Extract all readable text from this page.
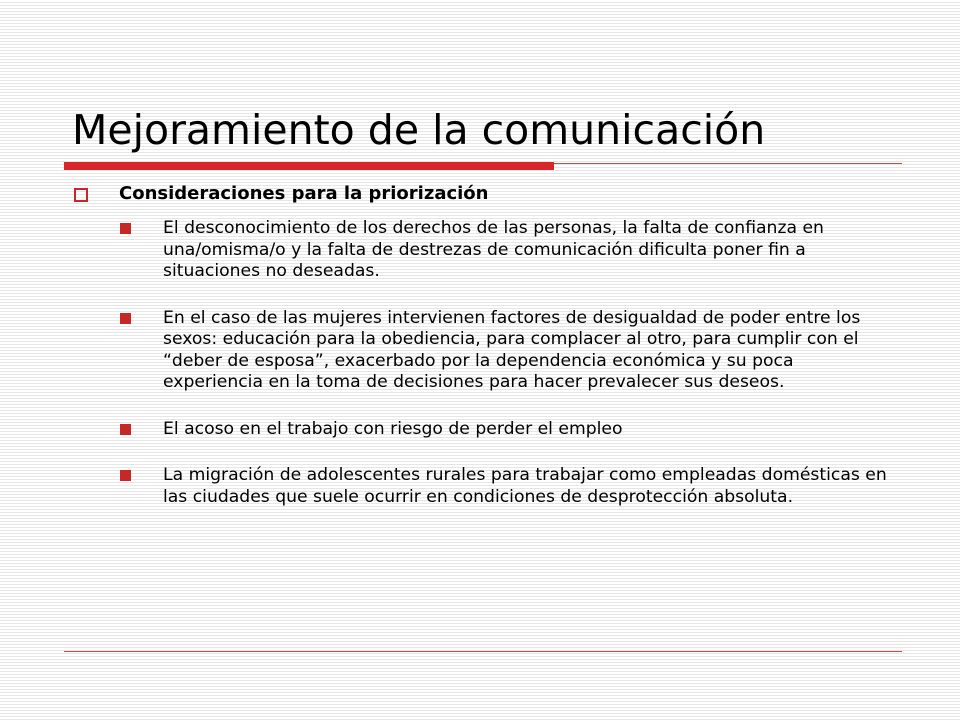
Mejoramiento de la comunicación
Consideraciones para la priorización
El desconocimiento de los derechos de las personas, la falta de confianza en una/omisma/o y la falta de destrezas de comunicación dificulta poner fin a situaciones no deseadas.
En el caso de las mujeres intervienen factores de desigualdad de poder entre los sexos: educación para la obediencia, para complacer al otro, para cumplir con el “deber de esposa”, exacerbado por la dependencia económica y su poca experiencia en la toma de decisiones para hacer prevalecer sus deseos.
El acoso en el trabajo con riesgo de perder el empleo
La migración de adolescentes rurales para trabajar como empleadas domésticas en las ciudades que suele ocurrir en condiciones de desprotección absoluta.
